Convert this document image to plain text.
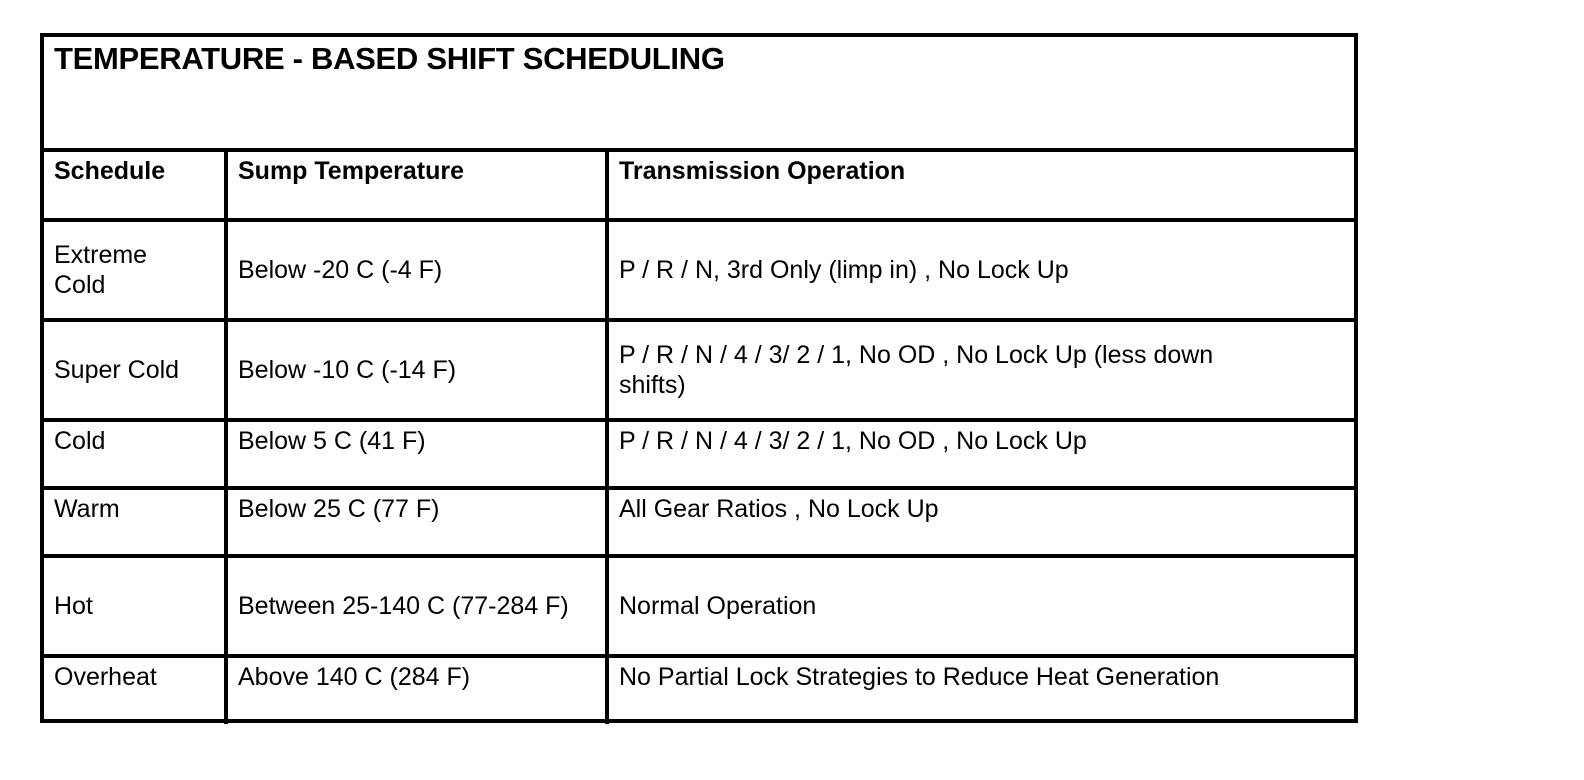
TEMPERATURE - BASED SHIFT SCHEDULING
Schedule	Sump Temperature	Transmission Operation
Extreme Cold	Below -20 C (-4 F)	P / R / N, 3rd Only (limp in) , No Lock Up
Super Cold	Below -10 C (-14 F)	P / R / N / 4 / 3/ 2 / 1, No OD , No Lock Up (less down shifts)
Cold	Below 5 C (41 F)	P / R / N / 4 / 3/ 2 / 1, No OD , No Lock Up
Warm	Below 25 C (77 F)	All Gear Ratios , No Lock Up
Hot	Between 25-140 C (77-284 F)	Normal Operation
Overheat	Above 140 C (284 F)	No Partial Lock Strategies to Reduce Heat Generation
